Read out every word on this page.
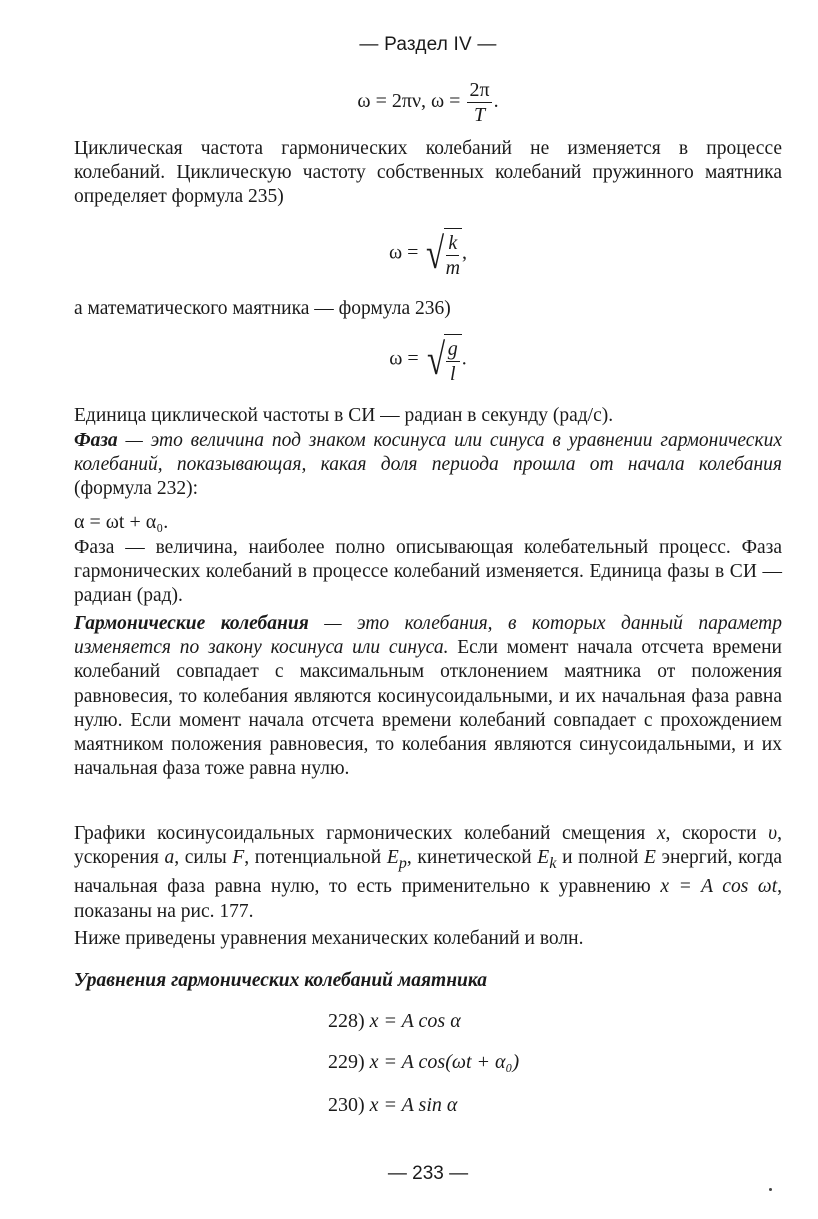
— Раздел IV —
ω = 2πν, $\omega = \frac{2\pi}{T}$ .

Циклическая частота гармонических колебаний не изменяется в процессе колебаний. Циклическую частоту собственных колебаний пружинного маятника определяет формула 235)

ω = √ $\frac{k}{m}$ ,

а математического маятника — формула 236)

ω = √ $\frac{g}{l}$ .

Единица циклической частоты в СИ — радиан в секунду (рад/с).

Фаза — это величина под знаком косинуса или синуса в уравнении гармонических колебаний, показывающая, какая доля периода прошла от начала колебания (формула 232):

α = ωt + α₀.

Фаза — величина, наиболее полно описывающая колебательный процесс. Фаза гармонических колебаний в процессе колебаний изменяется. Единица фазы в СИ — радиан (рад).

Гармонические колебания — это колебания, в которых данный параметр изменяется по закону косинуса или синуса. Если момент начала отсчета времени колебаний совпадает с максимальным отклонением маятника от положения равновесия, то колебания являются косинусоидальными, и их начальная фаза равна нулю. Если момент начала отсчета времени колебаний совпадает с прохождением маятником положения равновесия, то колебания являются синусоидальными, и их начальная фаза тоже равна нулю.

Графики косинусоидальных гармонических колебаний смещения x, скорости υ, ускорения a, силы F, потенциальной $E_p$, кинетической $E_k$ и полной E энергий, когда начальная фаза равна нулю, то есть применительно к уравнению x = A cos ωt, показаны на рис. 177.

Ниже приведены уравнения механических колебаний и волн.

Уравнения гармонических колебаний маятника

228) x = A cos α
229) x = A cos(ωt + α₀)
230) x = A sin α
— 233 —
